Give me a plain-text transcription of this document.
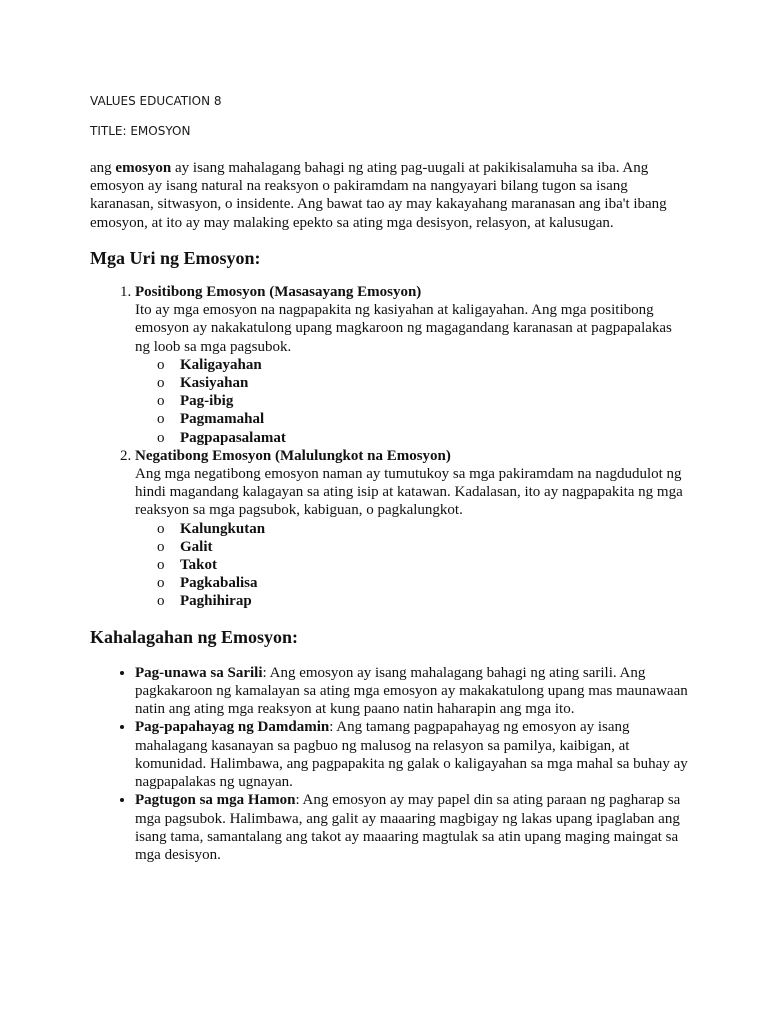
VALUES EDUCATION 8
TITLE: EMOSYON

ang emosyon ay isang mahalagang bahagi ng ating pag-uugali at pakikisalamuha sa iba. Ang emosyon ay isang natural na reaksyon o pakiramdam na nangyayari bilang tugon sa isang karanasan, sitwasyon, o insidente. Ang bawat tao ay may kakayahang maranasan ang iba't ibang emosyon, at ito ay may malaking epekto sa ating mga desisyon, relasyon, at kalusugan.

Mga Uri ng Emosyon:
1. Positibong Emosyon (Masasayang Emosyon)
Ito ay mga emosyon na nagpapakita ng kasiyahan at kaligayahan. Ang mga positibong emosyon ay nakakatulong upang magkaroon ng magagandang karanasan at pagpapalakas ng loob sa mga pagsubok.
o Kaligayahan
o Kasiyahan
o Pag-ibig
o Pagmamahal
o Pagpapasalamat
2. Negatibong Emosyon (Malulungkot na Emosyon)
Ang mga negatibong emosyon naman ay tumutukoy sa mga pakiramdam na nagdudulot ng hindi magandang kalagayan sa ating isip at katawan. Kadalasan, ito ay nagpapakita ng mga reaksyon sa mga pagsubok, kabiguan, o pagkalungkot.
o Kalungkutan
o Galit
o Takot
o Pagkabalisa
o Paghihirap
Kahalagahan ng Emosyon:
• Pag-unawa sa Sarili: Ang emosyon ay isang mahalagang bahagi ng ating sarili. Ang pagkakaroon ng kamalayan sa ating mga emosyon ay makakatulong upang mas maunawaan natin ang ating mga reaksyon at kung paano natin haharapin ang mga ito.
• Pag-papahayag ng Damdamin: Ang tamang pagpapahayag ng emosyon ay isang mahalagang kasanayan sa pagbuo ng malusog na relasyon sa pamilya, kaibigan, at komunidad. Halimbawa, ang pagpapakita ng galak o kaligayahan sa mga mahal sa buhay ay nagpapalakas ng ugnayan.
• Pagtugon sa mga Hamon: Ang emosyon ay may papel din sa ating paraan ng pagharap sa mga pagsubok. Halimbawa, ang galit ay maaaring magbigay ng lakas upang ipaglaban ang isang tama, samantalang ang takot ay maaaring magtulak sa atin upang maging maingat sa mga desisyon.
